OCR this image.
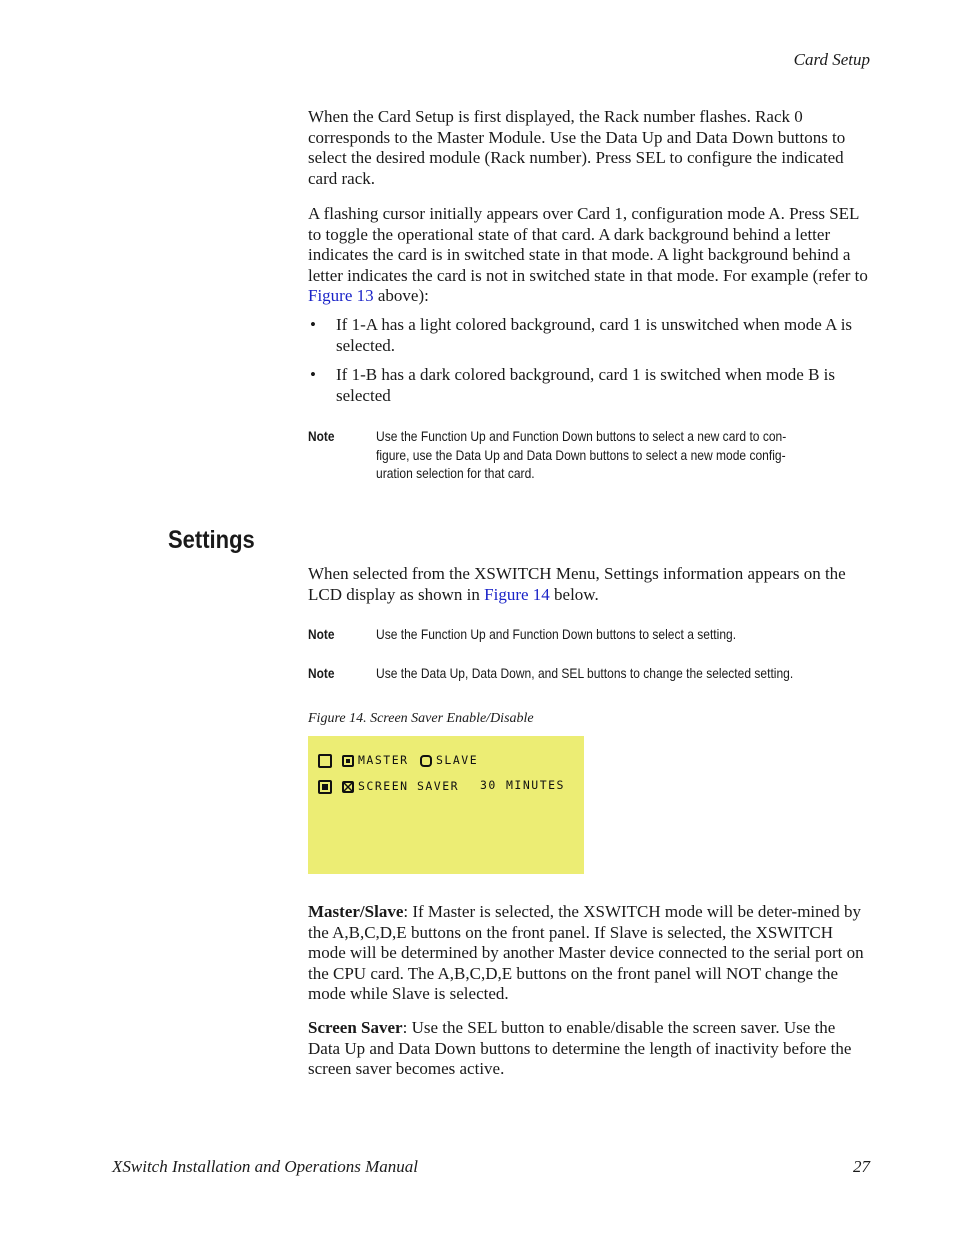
Card Setup

When the Card Setup is first displayed, the Rack number flashes. Rack 0 corresponds to the Master Module. Use the Data Up and Data Down buttons to select the desired module (Rack number). Press SEL to configure the indicated card rack.

A flashing cursor initially appears over Card 1, configuration mode A. Press SEL to toggle the operational state of that card. A dark background behind a letter indicates the card is in switched state in that mode. A light background behind a letter indicates the card is not in switched state in that mode. For example (refer to Figure 13 above):

• If 1-A has a light colored background, card 1 is unswitched when mode A is selected.

• If 1-B has a dark colored background, card 1 is switched when mode B is selected

Note	Use the Function Up and Function Down buttons to select a new card to con-
figure, use the Data Up and Data Down buttons to select a new mode config-
uration selection for that card.
Settings

When selected from the XSWITCH Menu, Settings information appears on the LCD display as shown in Figure 14 below.

Note	Use the Function Up and Function Down buttons to select a setting.
Note	Use the Data Up, Data Down, and SEL buttons to change the selected setting.
Figure 14. Screen Saver Enable/Disable
MASTER SLAVE
SCREEN SAVER 30 MINUTES

Master/Slave: If Master is selected, the XSWITCH mode will be deter-mined by the A,B,C,D,E buttons on the front panel. If Slave is selected, the XSWITCH mode will be determined by another Master device connected to the serial port on the CPU card. The A,B,C,D,E buttons on the front panel will NOT change the mode while Slave is selected.

Screen Saver: Use the SEL button to enable/disable the screen saver. Use the Data Up and Data Down buttons to determine the length of inactivity before the screen saver becomes active.

XSwitch Installation and Operations Manual	27
